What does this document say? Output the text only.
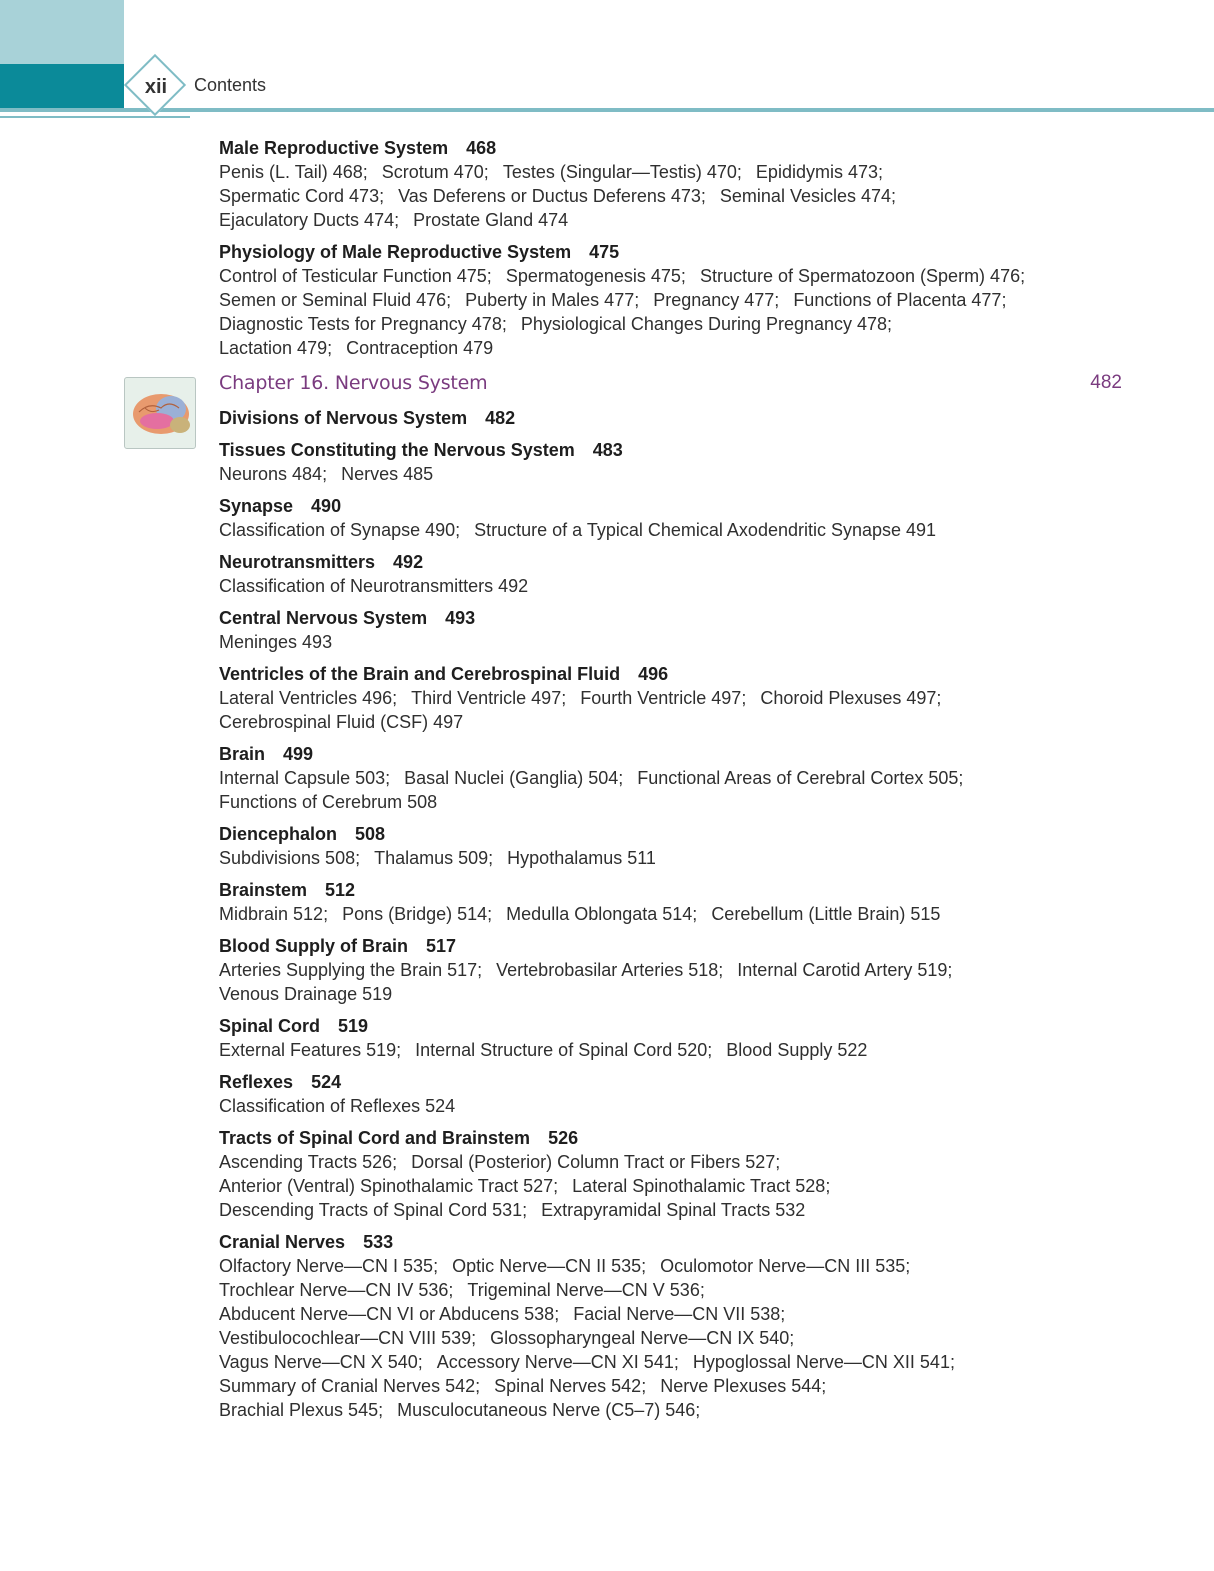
xii	Contents
Male Reproductive System 468
Penis (L. Tail) 468; Scrotum 470; Testes (Singular—Testis) 470; Epididymis 473;
Spermatic Cord 473; Vas Deferens or Ductus Deferens 473; Seminal Vesicles 474;
Ejaculatory Ducts 474; Prostate Gland 474
Physiology of Male Reproductive System 475
Control of Testicular Function 475; Spermatogenesis 475; Structure of Spermatozoon (Sperm) 476;
Semen or Seminal Fluid 476; Puberty in Males 477; Pregnancy 477; Functions of Placenta 477;
Diagnostic Tests for Pregnancy 478; Physiological Changes During Pregnancy 478;
Lactation 479; Contraception 479
Chapter 16. Nervous System	482
Divisions of Nervous System 482
Tissues Constituting the Nervous System 483
Neurons 484; Nerves 485
Synapse 490
Classification of Synapse 490; Structure of a Typical Chemical Axodendritic Synapse 491
Neurotransmitters 492
Classification of Neurotransmitters 492
Central Nervous System 493
Meninges 493
Ventricles of the Brain and Cerebrospinal Fluid 496
Lateral Ventricles 496; Third Ventricle 497; Fourth Ventricle 497; Choroid Plexuses 497;
Cerebrospinal Fluid (CSF) 497
Brain 499
Internal Capsule 503; Basal Nuclei (Ganglia) 504; Functional Areas of Cerebral Cortex 505;
Functions of Cerebrum 508
Diencephalon 508
Subdivisions 508; Thalamus 509; Hypothalamus 511
Brainstem 512
Midbrain 512; Pons (Bridge) 514; Medulla Oblongata 514; Cerebellum (Little Brain) 515
Blood Supply of Brain 517
Arteries Supplying the Brain 517; Vertebrobasilar Arteries 518; Internal Carotid Artery 519;
Venous Drainage 519
Spinal Cord 519
External Features 519; Internal Structure of Spinal Cord 520; Blood Supply 522
Reflexes 524
Classification of Reflexes 524
Tracts of Spinal Cord and Brainstem 526
Ascending Tracts 526; Dorsal (Posterior) Column Tract or Fibers 527;
Anterior (Ventral) Spinothalamic Tract 527; Lateral Spinothalamic Tract 528;
Descending Tracts of Spinal Cord 531; Extrapyramidal Spinal Tracts 532
Cranial Nerves 533
Olfactory Nerve—CN I 535; Optic Nerve—CN II 535; Oculomotor Nerve—CN III 535;
Trochlear Nerve—CN IV 536; Trigeminal Nerve—CN V 536;
Abducent Nerve—CN VI or Abducens 538; Facial Nerve—CN VII 538;
Vestibulocochlear—CN VIII 539; Glossopharyngeal Nerve—CN IX 540;
Vagus Nerve—CN X 540; Accessory Nerve—CN XI 541; Hypoglossal Nerve—CN XII 541;
Summary of Cranial Nerves 542; Spinal Nerves 542; Nerve Plexuses 544;
Brachial Plexus 545; Musculocutaneous Nerve (C5–7) 546;
